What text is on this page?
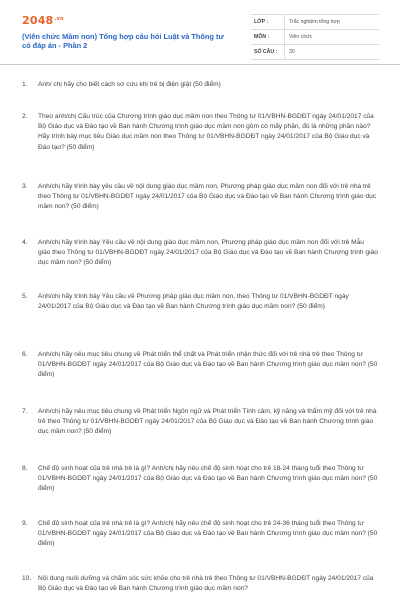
$2048^{.vn}$
(Viên chức Mầm non) Tổng hợp câu hỏi Luật và Thông tư có đáp án - Phần 2
LỚP :	Trắc nghiệm tổng hợp
MÔN :	Viên chức
SỐ CÂU :	30
1.	Anh/ chị hãy cho biết cách sơ cứu khi trẻ bị điện giật (50 điểm)
2.	Theo anh/chị Cấu trúc của Chương trình giáo dục mầm non theo Thông tư 01/VBHN-BGDĐT ngày 24/01/2017 của Bộ Giáo dục và Đào tạo về Ban hành Chương trình giáo dục mầm non gồm có mấy phần, đó là những phần nào? Hãy trình bày mục tiêu Giáo dục mầm non theo Thông tư 01/VBHN-BGDĐT ngày 24/01/2017 của Bộ Giáo dục và Đào tạo? (50 điểm)
3.	Anh/chị hãy trình bày yêu cầu về nội dung giáo dục mầm non, Phương pháp giáo dục mầm non đối với trẻ nhà trẻ theo Thông tư 01/VBHN-BGDĐT ngày 24/01/2017 của Bộ Giáo dục và Đào tạo về Ban hành Chương trình giáo dục mầm non? (50 điểm)
4.	Anh/chị hãy trình bày Yêu cầu về nội dung giáo dục mầm non, Phương pháp giáo dục mầm non đối với trẻ Mẫu giáo theo Thông tư 01/VBHN-BGDĐT ngày 24/01/2017 của Bộ Giáo dục và Đào tạo về Ban hành Chương trình giáo dục mầm non? (50 điểm)
5.	Anh/chị hãy trình bày Yêu cầu về Phương pháp giáo dục mầm non, theo Thông tư 01/VBHN-BGDĐT ngày 24/01/2017 của Bộ Giáo dục và Đào tạo về Ban hành Chương trình giáo dục mầm non? (50 điểm)
6.	Anh/chị hãy nêu mục tiêu chung về Phát triển thể chất và Phát triển nhận thức đối với trẻ nhà trẻ theo Thông tư 01/VBHN-BGDĐT ngày 24/01/2017 của Bộ Giáo dục và Đào tạo về Ban hành Chương trình giáo dục mầm non? (50 điểm)
7.	Anh/chị hãy nêu mục tiêu chung về Phát triển Ngôn ngữ và Phát triển Tình cảm, kỹ năng và thẩm mỹ đối với trẻ nhà trẻ theo Thông tư 01/VBHN-BGDĐT ngày 24/01/2017 của Bộ Giáo dục và Đào tạo về Ban hành Chương trình giáo dục mầm non? (50 điểm)
8.	Chế độ sinh hoạt của trẻ nhà trẻ là gì? Anh/chị hãy nêu chế độ sinh hoạt cho trẻ 18-24 tháng tuổi theo Thông tư 01/VBHN-BGDĐT ngày 24/01/2017 của Bộ Giáo dục và Đào tạo về Ban hành Chương trình giáo dục mầm non? (50 điểm)
9.	Chế độ sinh hoạt của trẻ nhà trẻ là gì? Anh/chị hãy nêu chế độ sinh hoạt cho trẻ 24-36 tháng tuổi theo Thông tư 01/VBHN-BGDĐT ngày 24/01/2017 của Bộ Giáo dục và Đào tạo về Ban hành Chương trình giáo dục mầm non? (50 điểm)
10.	Nội dung nuôi dưỡng và chăm sóc sức khỏe cho trẻ nhà trẻ theo Thông tư 01/VBHN-BGDĐT ngày 24/01/2017 của Bộ Giáo dục và Đào tạo về Ban hành Chương trình giáo dục mầm non?
